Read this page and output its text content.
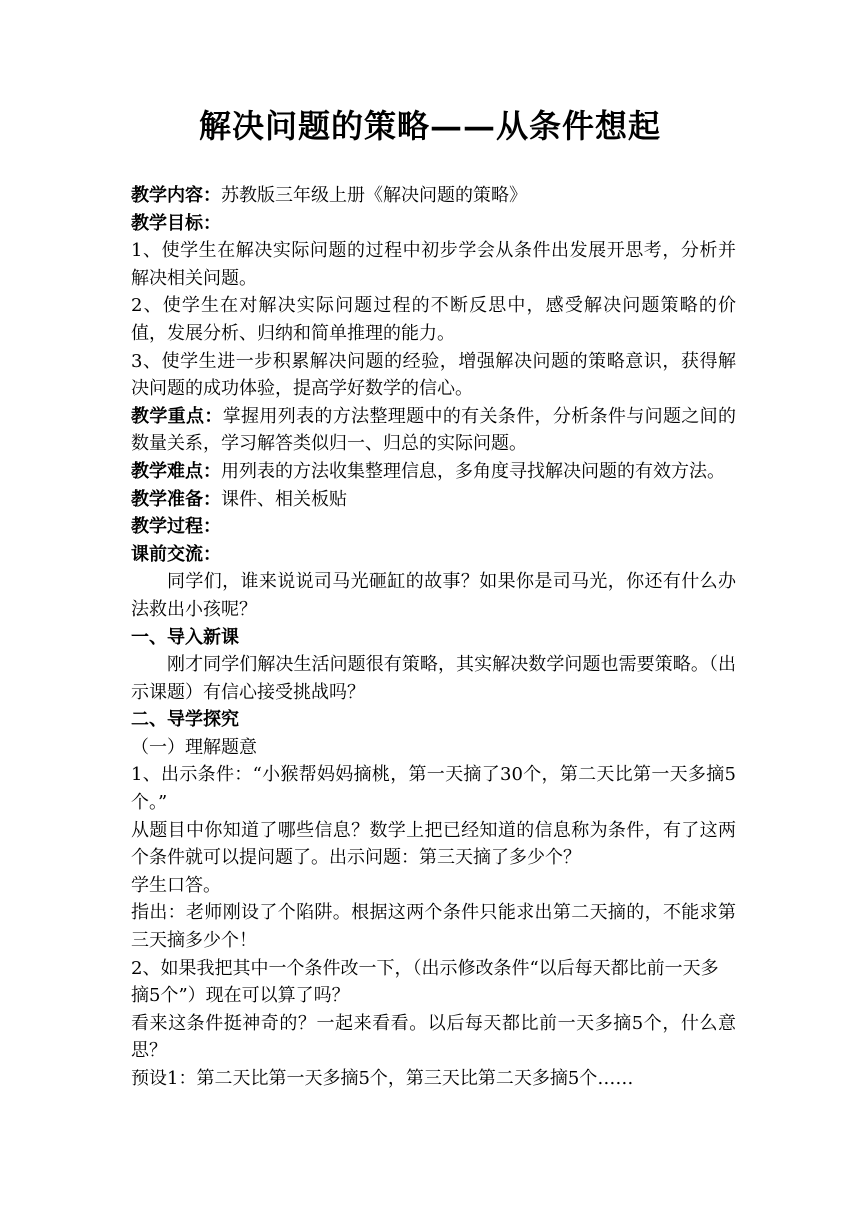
解决问题的策略——从条件想起

教学内容：苏教版三年级上册《解决问题的策略》

教学目标：

1、使学生在解决实际问题的过程中初步学会从条件出发展开思考，分析并解决相关问题。

2、使学生在对解决实际问题过程的不断反思中，感受解决问题策略的价值，发展分析、归纳和简单推理的能力。

3、使学生进一步积累解决问题的经验，增强解决问题的策略意识，获得解决问题的成功体验，提高学好数学的信心。

教学重点：掌握用列表的方法整理题中的有关条件，分析条件与问题之间的数量关系，学习解答类似归一、归总的实际问题。

教学难点：用列表的方法收集整理信息，多角度寻找解决问题的有效方法。

教学准备：课件、相关板贴

教学过程：

课前交流：

同学们，谁来说说司马光砸缸的故事？如果你是司马光，你还有什么办法救出小孩呢？

一、导入新课

刚才同学们解决生活问题很有策略，其实解决数学问题也需要策略。（出示课题）有信心接受挑战吗？

二、导学探究

（一）理解题意

1、出示条件：“小猴帮妈妈摘桃，第一天摘了30个，第二天比第一天多摘5个。”

从题目中你知道了哪些信息？数学上把已经知道的信息称为条件，有了这两个条件就可以提问题了。出示问题：第三天摘了多少个？

学生口答。

指出：老师刚设了个陷阱。根据这两个条件只能求出第二天摘的，不能求第三天摘多少个！

2、如果我把其中一个条件改一下，（出示修改条件“以后每天都比前一天多

摘5个”）现在可以算了吗？

看来这条件挺神奇的？一起来看看。以后每天都比前一天多摘5个，什么意思？

预设1：第二天比第一天多摘5个，第三天比第二天多摘5个……
